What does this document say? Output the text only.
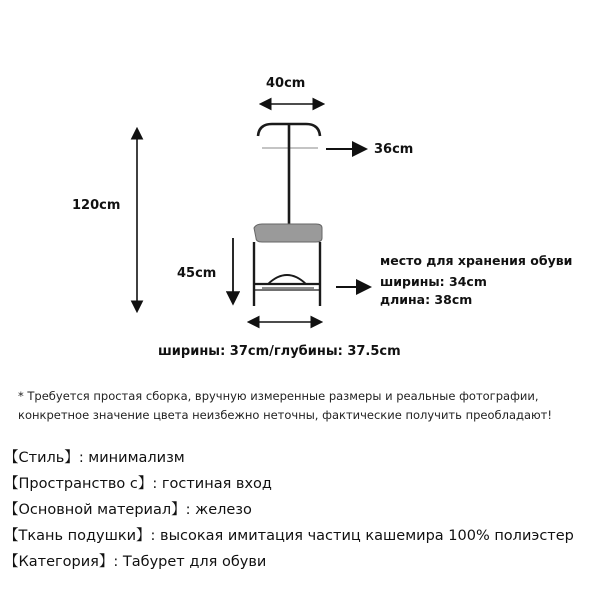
40cm
36cm
120cm
45cm
место для хранения обуви
ширины: 34cm
длина: 38cm
ширины: 37cm/глубины: 37.5cm
* Требуется простая сборка, вручную измеренные размеры и реальные фотографии,
конкретное значение цвета неизбежно неточны, фактические получить преобладают!
【Стиль】: минимализм
【Пространство с】: гостиная вход
【Основной материал】: железо
【Ткань подушки】: высокая имитация частиц кашемира 100% полиэстер
【Категория】: Табурет для обуви
